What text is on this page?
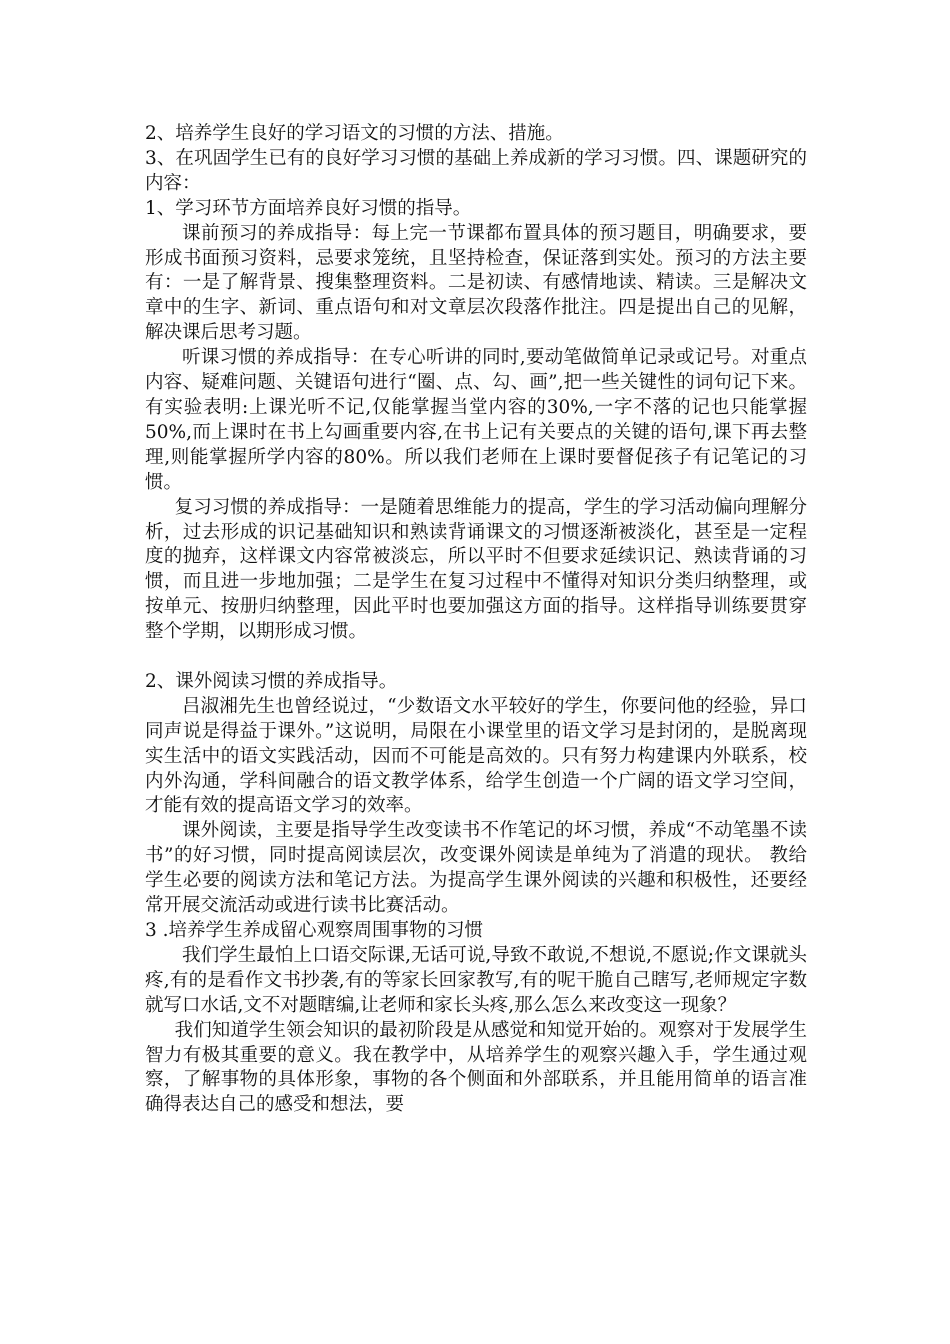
2、培养学生良好的学习语文的习惯的方法、措施。

3、在巩固学生已有的良好学习习惯的基础上养成新的学习习惯。四、课题研究的内容：

1、学习环节方面培养良好习惯的指导。

课前预习的养成指导：每上完一节课都布置具体的预习题目，明确要求，要形成书面预习资料，忌要求笼统，且坚持检查，保证落到实处。预习的方法主要有：一是了解背景、搜集整理资料。二是初读、有感情地读、精读。三是解决文章中的生字、新词、重点语句和对文章层次段落作批注。四是提出自己的见解，解决课后思考习题。

听课习惯的养成指导：在专心听讲的同时,要动笔做简单记录或记号。对重点内容、疑难问题、关键语句进行“圈、点、勾、画”,把一些关键性的词句记下来。有实验表明:上课光听不记,仅能掌握当堂内容的30%,一字不落的记也只能掌握50%,而上课时在书上勾画重要内容,在书上记有关要点的关键的语句,课下再去整理,则能掌握所学内容的80%。所以我们老师在上课时要督促孩子有记笔记的习惯。

复习习惯的养成指导：一是随着思维能力的提高，学生的学习活动偏向理解分析，过去形成的识记基础知识和熟读背诵课文的习惯逐渐被淡化，甚至是一定程度的抛弃，这样课文内容常被淡忘，所以平时不但要求延续识记、熟读背诵的习惯，而且进一步地加强；二是学生在复习过程中不懂得对知识分类归纳整理，或按单元、按册归纳整理，因此平时也要加强这方面的指导。这样指导训练要贯穿整个学期，以期形成习惯。

2、课外阅读习惯的养成指导。

吕淑湘先生也曾经说过，“少数语文水平较好的学生，你要问他的经验，异口同声说是得益于课外。”这说明，局限在小课堂里的语文学习是封闭的，是脱离现实生活中的语文实践活动，因而不可能是高效的。只有努力构建课内外联系，校内外沟通，学科间融合的语文教学体系，给学生创造一个广阔的语文学习空间，才能有效的提高语文学习的效率。

课外阅读，主要是指导学生改变读书不作笔记的坏习惯，养成“不动笔墨不读书”的好习惯，同时提高阅读层次，改变课外阅读是单纯为了消遣的现状。 教给学生必要的阅读方法和笔记方法。为提高学生课外阅读的兴趣和积极性，还要经常开展交流活动或进行读书比赛活动。

3 .培养学生养成留心观察周围事物的习惯

我们学生最怕上口语交际课,无话可说,导致不敢说,不想说,不愿说;作文课就头疼,有的是看作文书抄袭,有的等家长回家教写,有的呢干脆自己瞎写,老师规定字数就写口水话,文不对题瞎编,让老师和家长头疼,那么怎么来改变这一现象？

我们知道学生领会知识的最初阶段是从感觉和知觉开始的。观察对于发展学生智力有极其重要的意义。我在教学中，从培养学生的观察兴趣入手，学生通过观察，了解事物的具体形象，事物的各个侧面和外部联系，并且能用简单的语言准确得表达自己的感受和想法，要
